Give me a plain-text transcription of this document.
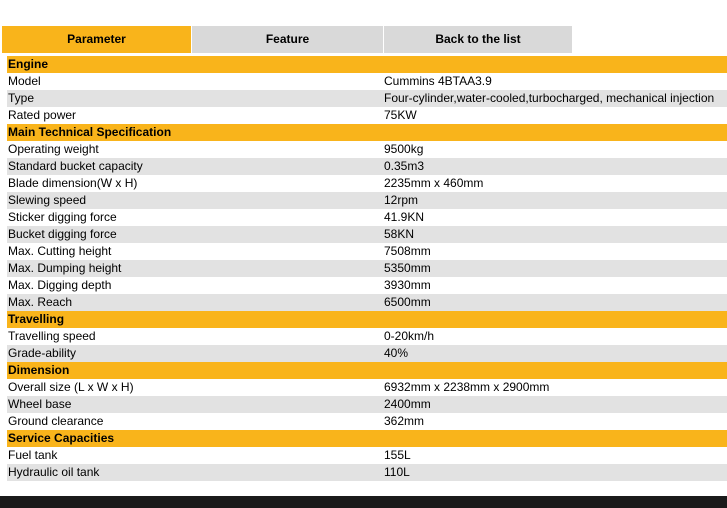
Parameter	Feature	Back to the list
Engine
Model	Cummins 4BTAA3.9
Type	Four-cylinder,water-cooled,turbocharged, mechanical injection
Rated power	75KW
Main Technical Specification
Operating weight	9500kg
Standard bucket capacity	0.35m3
Blade dimension(W x H)	2235mm x 460mm
Slewing speed	12rpm
Sticker digging force	41.9KN
Bucket digging force	58KN
Max. Cutting height	7508mm
Max. Dumping height	5350mm
Max. Digging depth	3930mm
Max. Reach	6500mm
Travelling
Travelling speed	0-20km/h
Grade-ability	40%
Dimension
Overall size (L x W x H)	6932mm x 2238mm x 2900mm
Wheel base	2400mm
Ground clearance	362mm
Service Capacities
Fuel tank	155L
Hydraulic oil tank	110L
